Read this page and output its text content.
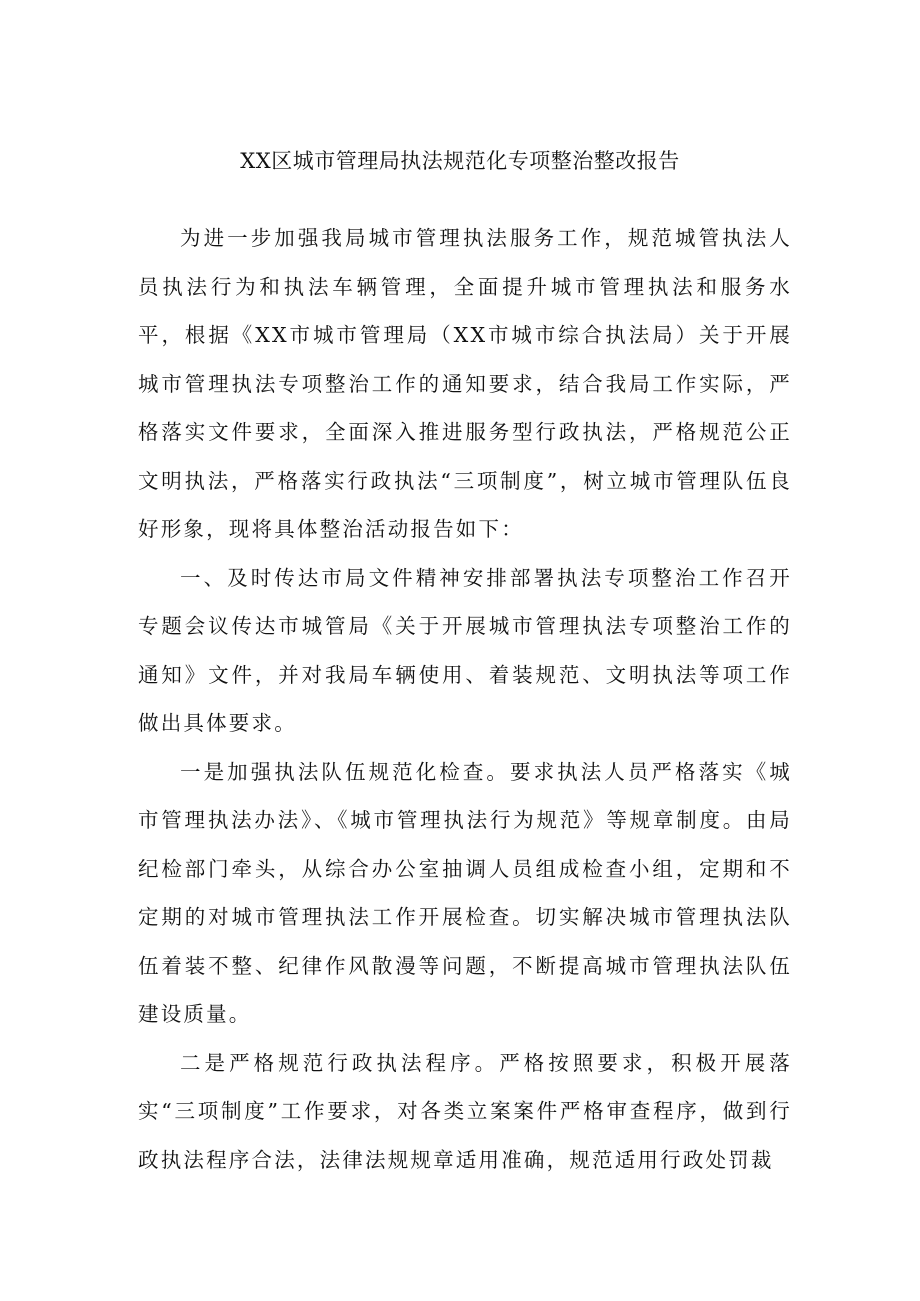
XX区城市管理局执法规范化专项整治整改报告

为进一步加强我局城市管理执法服务工作，规范城管执法人员执法行为和执法车辆管理，全面提升城市管理执法和服务水平，根据《XX市城市管理局（XX市城市综合执法局）关于开展城市管理执法专项整治工作的通知要求，结合我局工作实际，严格落实文件要求，全面深入推进服务型行政执法，严格规范公正文明执法，严格落实行政执法“三项制度”，树立城市管理队伍良好形象，现将具体整治活动报告如下：

一、及时传达市局文件精神安排部署执法专项整治工作召开专题会议传达市城管局《关于开展城市管理执法专项整治工作的通知》文件，并对我局车辆使用、着装规范、文明执法等项工作做出具体要求。

一是加强执法队伍规范化检查。要求执法人员严格落实《城市管理执法办法》、《城市管理执法行为规范》等规章制度。由局纪检部门牵头，从综合办公室抽调人员组成检查小组，定期和不定期的对城市管理执法工作开展检查。切实解决城市管理执法队伍着装不整、纪律作风散漫等问题，不断提高城市管理执法队伍建设质量。

二是严格规范行政执法程序。严格按照要求，积极开展落实“三项制度”工作要求，对各类立案案件严格审查程序，做到行政执法程序合法，法律法规规章适用准确，规范适用行政处罚裁
